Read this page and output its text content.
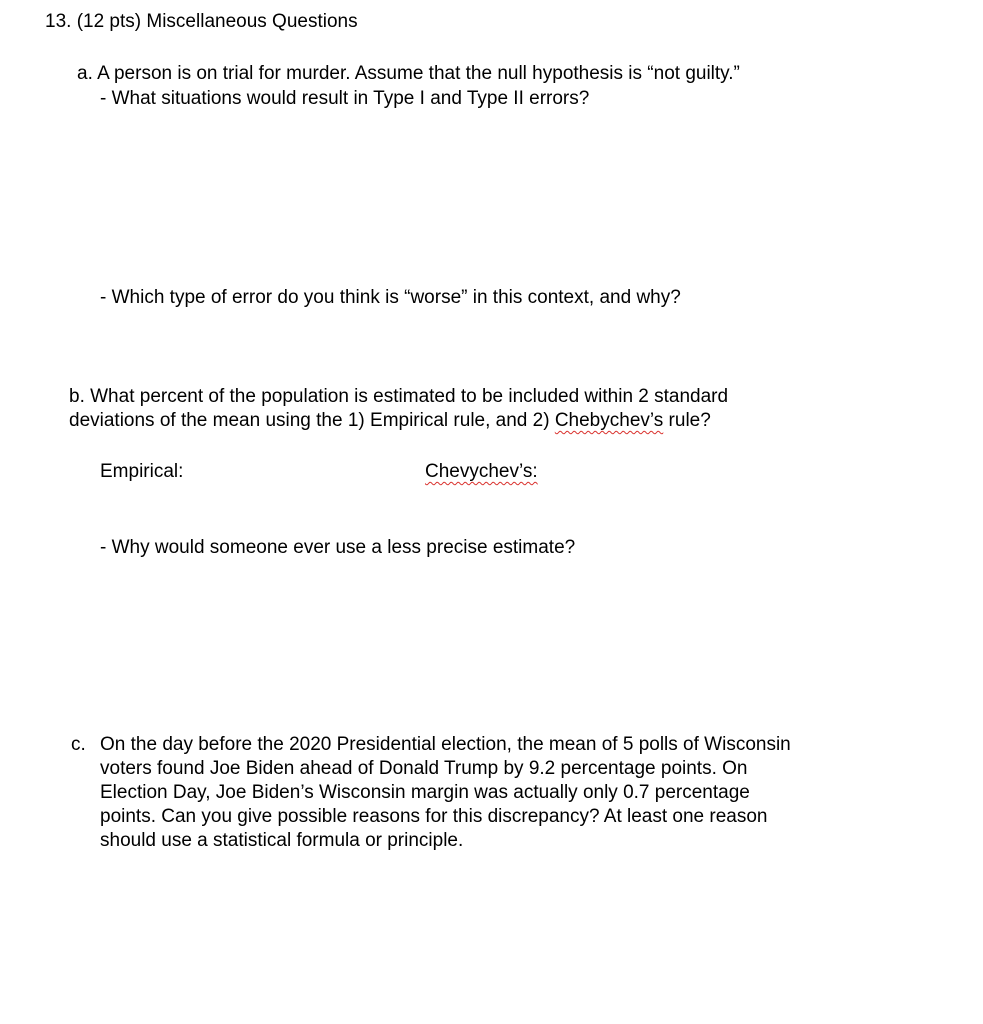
13. (12 pts) Miscellaneous Questions
a. A person is on trial for murder. Assume that the null hypothesis is “not guilty.”
- What situations would result in Type I and Type II errors?
- Which type of error do you think is “worse” in this context, and why?
b. What percent of the population is estimated to be included within 2 standard
deviations of the mean using the 1) Empirical rule, and 2) Chebychev’s rule?
Empirical:	Chevychev’s:
- Why would someone ever use a less precise estimate?
c. On the day before the 2020 Presidential election, the mean of 5 polls of Wisconsin
voters found Joe Biden ahead of Donald Trump by 9.2 percentage points. On
Election Day, Joe Biden’s Wisconsin margin was actually only 0.7 percentage
points. Can you give possible reasons for this discrepancy? At least one reason
should use a statistical formula or principle.
